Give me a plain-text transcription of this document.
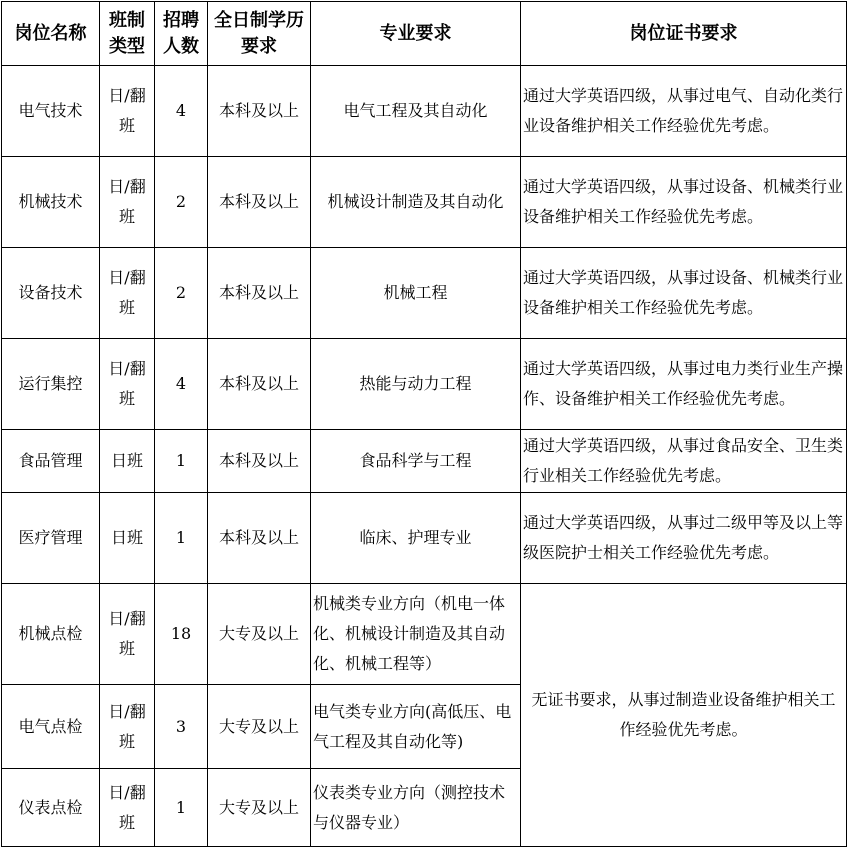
岗位名称	班制类型	招聘人数	全日制学历要求	专业要求	岗位证书要求
电气技术	日/翻班	4	本科及以上	电气工程及其自动化	通过大学英语四级，从事过电气、自动化类行业设备维护相关工作经验优先考虑。
机械技术	日/翻班	2	本科及以上	机械设计制造及其自动化	通过大学英语四级，从事过设备、机械类行业设备维护相关工作经验优先考虑。
设备技术	日/翻班	2	本科及以上	机械工程	通过大学英语四级，从事过设备、机械类行业设备维护相关工作经验优先考虑。
运行集控	日/翻班	4	本科及以上	热能与动力工程	通过大学英语四级，从事过电力类行业生产操作、设备维护相关工作经验优先考虑。
食品管理	日班	1	本科及以上	食品科学与工程	通过大学英语四级，从事过食品安全、卫生类行业相关工作经验优先考虑。
医疗管理	日班	1	本科及以上	临床、护理专业	通过大学英语四级，从事过二级甲等及以上等级医院护士相关工作经验优先考虑。
机械点检	日/翻班	18	大专及以上	机械类专业方向（机电一体化、机械设计制造及其自动化、机械工程等）	无证书要求，从事过制造业设备维护相关工作经验优先考虑。
电气点检	日/翻班	3	大专及以上	电气类专业方向(高低压、电气工程及其自动化等)	
仪表点检	日/翻班	1	大专及以上	仪表类专业方向（测控技术与仪器专业）	
